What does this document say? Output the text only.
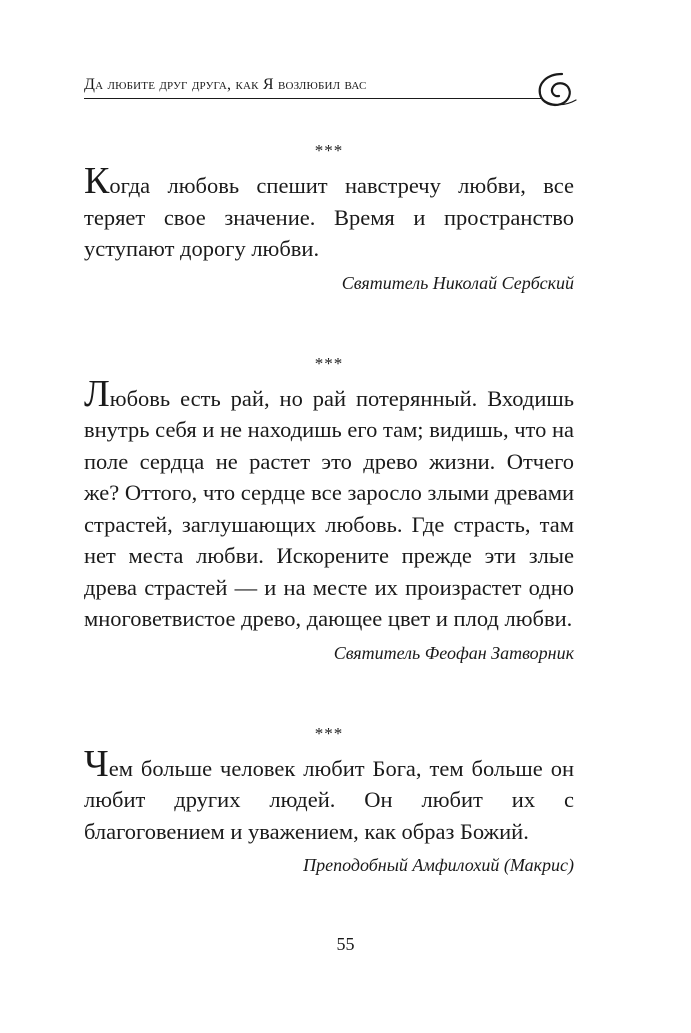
Да любите друг друга, как Я возлюбил вас
***

Когда любовь спешит навстречу любви, все теряет свое значение. Время и пространство уступают дорогу любви.

Святитель Николай Сербский
***

Любовь есть рай, но рай потерянный. Входишь внутрь себя и не находишь его там; видишь, что на поле сердца не растет это древо жизни. Отчего же? Оттого, что сердце все заросло злыми древами страстей, заглушающих любовь. Где страсть, там нет места любви. Искорените прежде эти злые древа страстей — и на месте их произрастет одно многоветвистое древо, дающее цвет и плод любви.

Святитель Феофан Затворник
***

Чем больше человек любит Бога, тем больше он любит других людей. Он любит их с благоговением и уважением, как образ Божий.

Преподобный Амфилохий (Макрис)
55
